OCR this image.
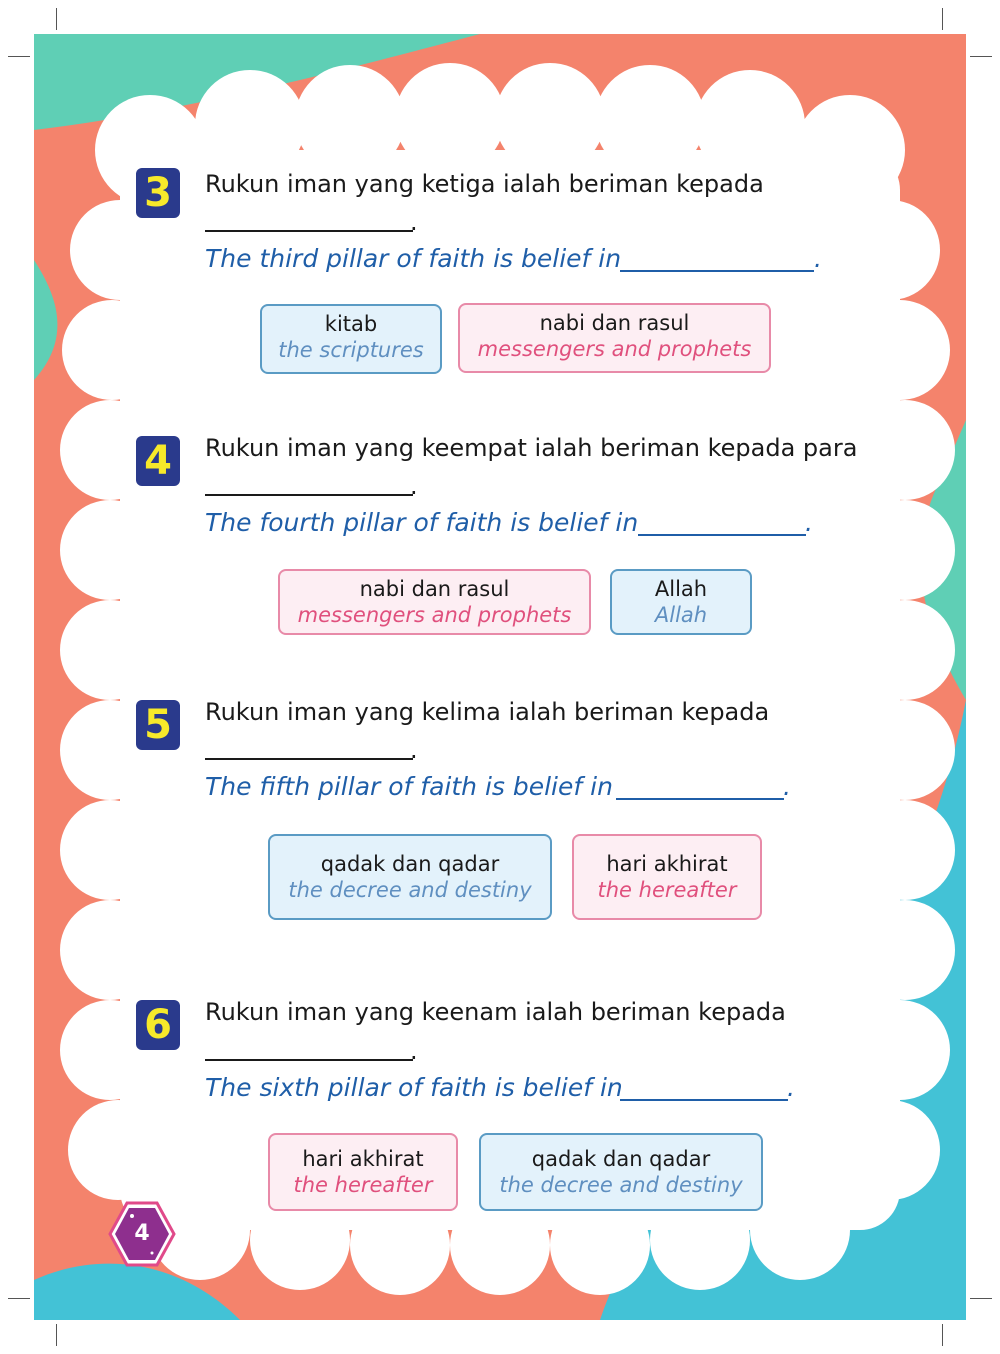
3	Rukun iman yang ketiga ialah beriman kepada
.
The third pillar of faith is belief in	.
kitab
the scriptures
nabi dan rasul
messengers and prophets
4	Rukun iman yang keempat ialah beriman kepada para
.
The fourth pillar of faith is belief in	.
nabi dan rasul
messengers and prophets
Allah
Allah
5	Rukun iman yang kelima ialah beriman kepada
.
The fifth pillar of faith is belief in	.
qadak dan qadar
the decree and destiny
hari akhirat
the hereafter
6	Rukun iman yang keenam ialah beriman kepada
.
The sixth pillar of faith is belief in	.
hari akhirat
the hereafter
qadak dan qadar
the decree and destiny
4
